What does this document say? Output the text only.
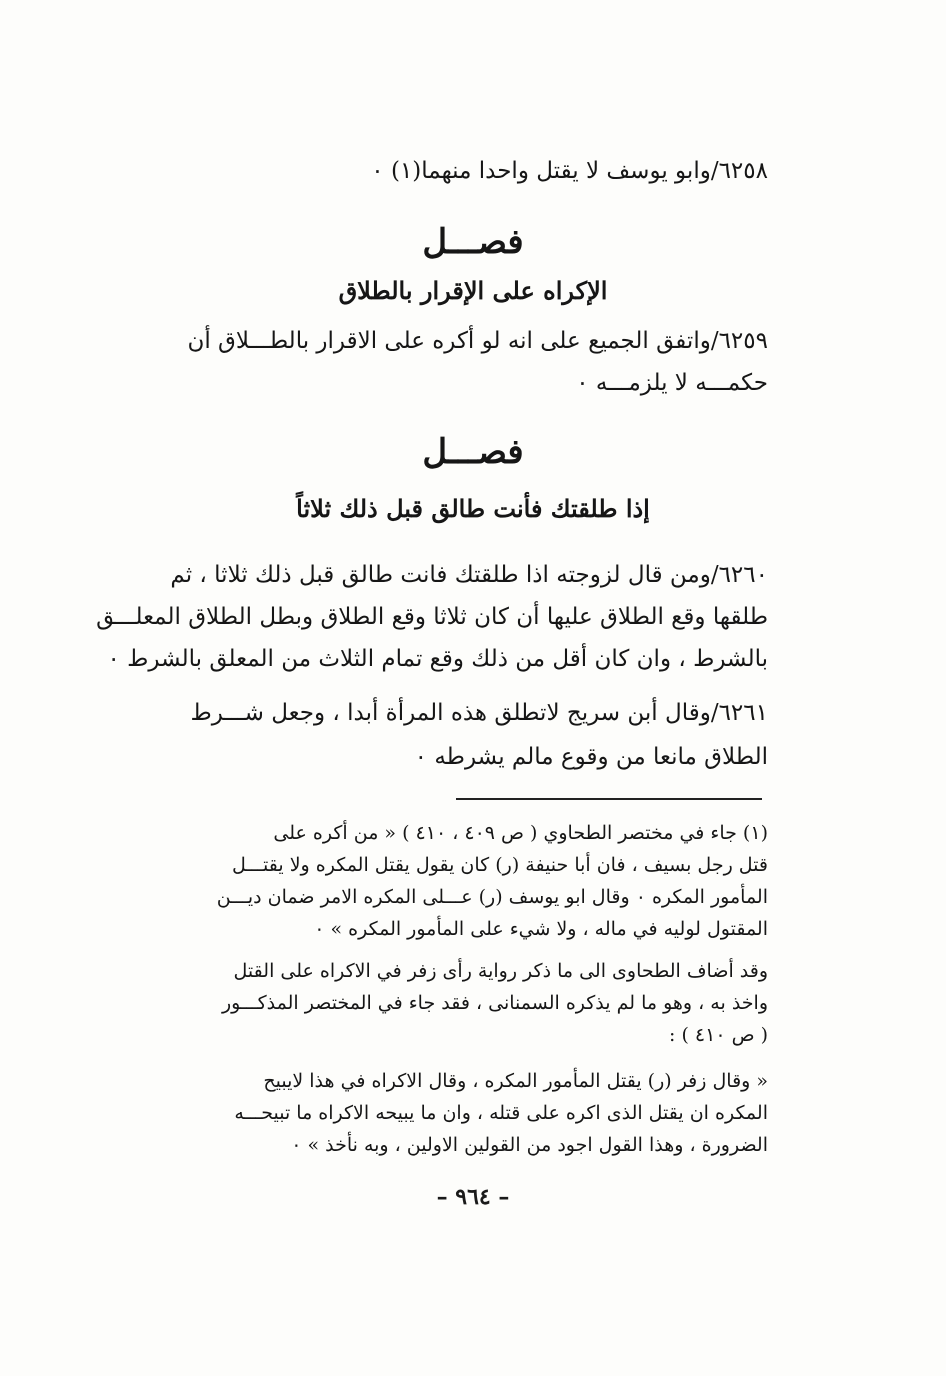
٦٢٥٨/وابو يوسف لا يقتل واحدا منهما(١) ٠
فصـــل
الإكراه على الإقرار بالطلاق
٦٢٥٩/واتفق الجميع على انه لو أكره على الاقرار بالطـــلاق أن
حكمـــه لا يلزمـــه ٠
فصـــل
إذا طلقتك فأنت طالق قبل ذلك ثلاثاً
٦٢٦٠/ومن قال لزوجته اذا طلقتك فانت طالق قبل ذلك ثلاثا ، ثم
طلقها وقع الطلاق عليها أن كان ثلاثا وقع الطلاق وبطل الطلاق المعلـــق
بالشرط ، وان كان أقل من ذلك وقع تمام الثلاث من المعلق بالشرط ٠
٦٢٦١/وقال أبن سريج لاتطلق هذه المرأة أبدا ، وجعل شـــرط
الطلاق مانعا من وقوع مالم يشرطه ٠
(١) جاء في مختصر الطحاوي ( ص ٤٠٩ ، ٤١٠ ) « من أكره على
قتل رجل بسيف ، فان أبا حنيفة (ر) كان يقول يقتل المكره ولا يقتـــل
المأمور المكره ٠ وقال ابو يوسف (ر) عـــلى المكره الامر ضمان ديـــن
المقتول لوليه في ماله ، ولا شيء على المأمور المكره » ٠
وقد أضاف الطحاوى الى ما ذكر رواية رأى زفر في الاكراه على القتل
واخذ به ، وهو ما لم يذكره السمنانى ، فقد جاء في المختصر المذكـــور
( ص ٤١٠ ) :
« وقال زفر (ر) يقتل المأمور المكره ، وقال الاكراه في هذا لايبيح
المكره ان يقتل الذى اكره على قتله ، وان ما يبيحه الاكراه ما تبيحـــه
الضرورة ، وهذا القول اجود من القولين الاولين ، وبه نأخذ » ٠
– ٩٦٤ –
